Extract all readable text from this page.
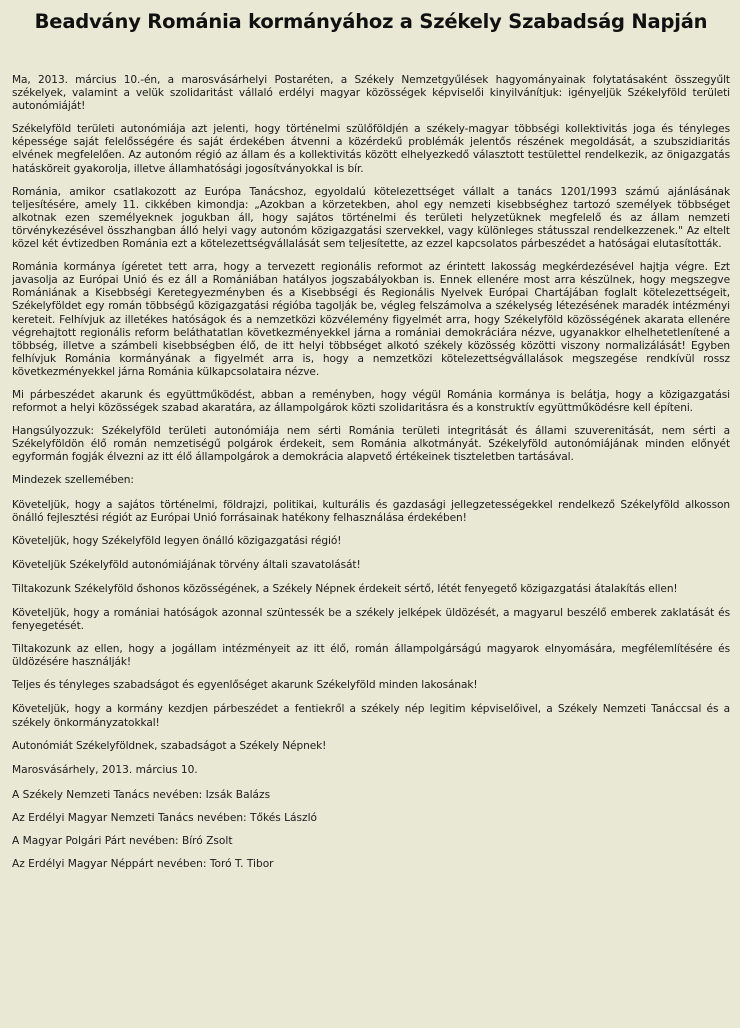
Beadvány Románia kormányához a Székely Szabadság Napján

Ma, 2013. március 10.-én, a marosvásárhelyi Postaréten, a Székely Nemzetgyűlések hagyományainak folytatásaként összegyűlt székelyek, valamint a velük szolidaritást vállaló erdélyi magyar közösségek képviselői kinyilvánítjuk: igényeljük Székelyföld területi autonómiáját!

Székelyföld területi autonómiája azt jelenti, hogy történelmi szülőföldjén a székely-magyar többségi kollektivitás joga és tényleges képessége saját felelősségére és saját érdekében átvenni a közérdekű problémák jelentős részének megoldását, a szubszidiaritás elvének megfelelően. Az autonóm régió az állam és a kollektivitás között elhelyezkedő választott testülettel rendelkezik, az önigazgatás hatásköreit gyakorolja, illetve államhatósági jogosítványokkal is bír.

Románia, amikor csatlakozott az Európa Tanácshoz, egyoldalú kötelezettséget vállalt a tanács 1201/1993 számú ajánlásának teljesítésére, amely 11. cikkében kimondja: „Azokban a körzetekben, ahol egy nemzeti kisebbséghez tartozó személyek többséget alkotnak ezen személyeknek jogukban áll, hogy sajátos történelmi és területi helyzetüknek megfelelő és az állam nemzeti törvénykezésével összhangban álló helyi vagy autonóm közigazgatási szervekkel, vagy különleges státusszal rendelkezzenek." Az eltelt közel két évtizedben Románia ezt a kötelezettségvállalását sem teljesítette, az ezzel kapcsolatos párbeszédet a hatóságai elutasították.

Románia kormánya ígéretet tett arra, hogy a tervezett regionális reformot az érintett lakosság megkérdezésével hajtja végre. Ezt javasolja az Európai Unió és ez áll a Romániában hatályos jogszabályokban is. Ennek ellenére most arra készülnek, hogy megszegve Romániának a Kisebbségi Keretegyezményben és a Kisebbségi és Regionális Nyelvek Európai Chartájában foglalt kötelezettségeit, Székelyföldet egy román többségű közigazgatási régióba tagolják be, végleg felszámolva a székelység létezésének maradék intézményi kereteit. Felhívjuk az illetékes hatóságok és a nemzetközi közvélemény figyelmét arra, hogy Székelyföld közösségének akarata ellenére végrehajtott regionális reform beláthatatlan következményekkel járna a romániai demokráciára nézve, ugyanakkor elhelhetetlenítené a többség, illetve a számbeli kisebbségben élő, de itt helyi többséget alkotó székely közösség közötti viszony normalizálását! Egyben felhívjuk Románia kormányának a figyelmét arra is, hogy a nemzetközi kötelezettségvállalások megszegése rendkívül rossz következményekkel járna Románia külkapcsolataira nézve.

Mi párbeszédet akarunk és együttműködést, abban a reményben, hogy végül Románia kormánya is belátja, hogy a közigazgatási reformot a helyi közösségek szabad akaratára, az állampolgárok közti szolidaritásra és a konstruktív együttműködésre kell építeni.

Hangsúlyozzuk: Székelyföld területi autonómiája nem sérti Románia területi integritását és állami szuverenitását, nem sérti a Székelyföldön élő román nemzetiségű polgárok érdekeit, sem Románia alkotmányát. Székelyföld autonómiájának minden előnyét egyformán fogják élvezni az itt élő állampolgárok a demokrácia alapvető értékeinek tiszteletben tartásával.

Mindezek szellemében:

Követeljük, hogy a sajátos történelmi, földrajzi, politikai, kulturális és gazdasági jellegzetességekkel rendelkező Székelyföld alkosson önálló fejlesztési régiót az Európai Unió forrásainak hatékony felhasználása érdekében!

Követeljük, hogy Székelyföld legyen önálló közigazgatási régió!

Követeljük Székelyföld autonómiájának törvény általi szavatolását!

Tiltakozunk Székelyföld őshonos közösségének, a Székely Népnek érdekeit sértő, létét fenyegető közigazgatási átalakítás ellen!

Követeljük, hogy a romániai hatóságok azonnal szüntessék be a székely jelképek üldözését, a magyarul beszélő emberek zaklatását és fenyegetését.

Tiltakozunk az ellen, hogy a jogállam intézményeit az itt élő, román állampolgárságú magyarok elnyomására, megfélemlítésére és üldözésére használják!

Teljes és tényleges szabadságot és egyenlőséget akarunk Székelyföld minden lakosának!

Követeljük, hogy a kormány kezdjen párbeszédet a fentiekről a székely nép legitim képviselőivel, a Székely Nemzeti Tanáccsal és a székely önkormányzatokkal!

Autonómiát Székelyföldnek, szabadságot a Székely Népnek!

Marosvásárhely, 2013. március 10.

A Székely Nemzeti Tanács nevében: Izsák Balázs

Az Erdélyi Magyar Nemzeti Tanács nevében: Tőkés László

A Magyar Polgári Párt nevében: Bíró Zsolt

Az Erdélyi Magyar Néppárt nevében: Toró T. Tibor
